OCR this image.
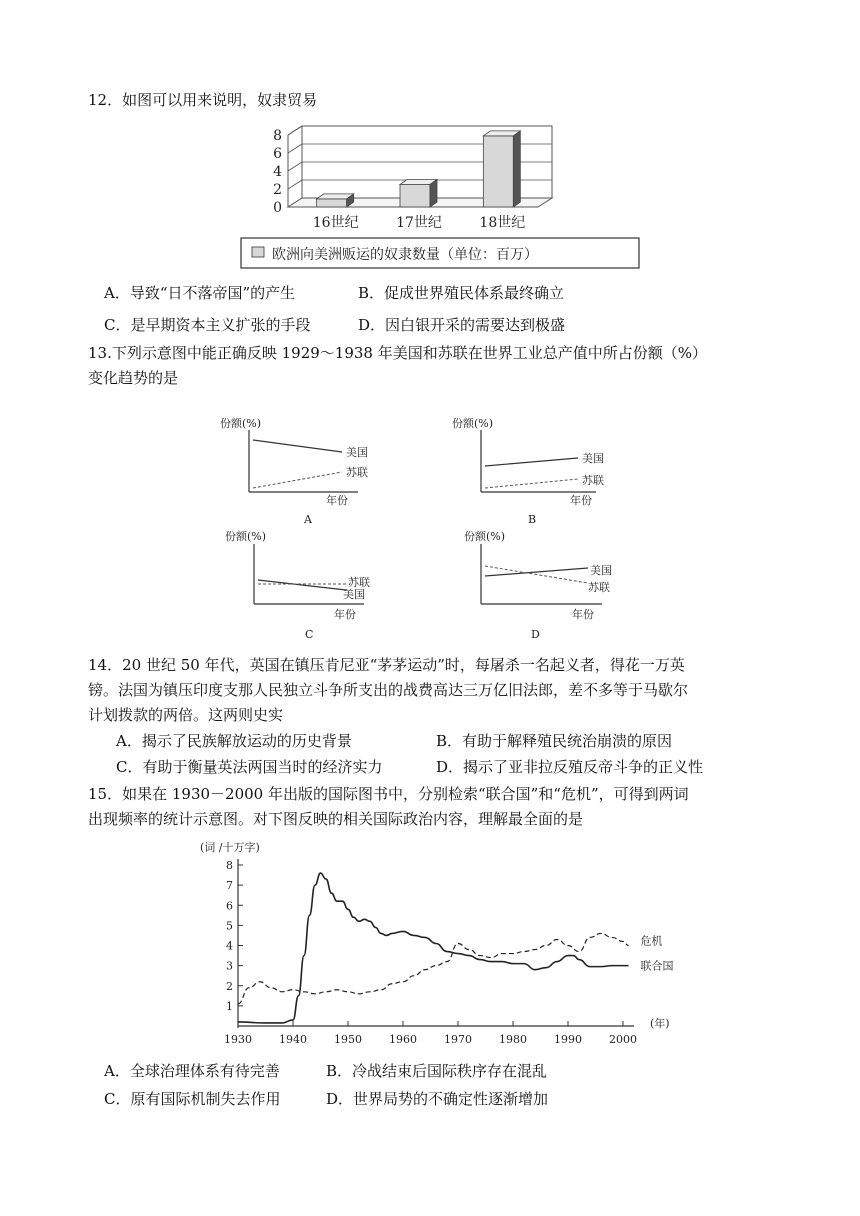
12．如图可以用来说明，奴隶贸易
0
2
4
6
8
16世纪	17世纪	18世纪
欧洲向美洲贩运的奴隶数量（单位：百万）
A．导致“日不落帝国”的产生	B．促成世界殖民体系最终确立
C．是早期资本主义扩张的手段	D．因白银开采的需要达到极盛
13.下列示意图中能正确反映 1929～1938 年美国和苏联在世界工业总产值中所占份额（%）
变化趋势的是
份额(%)
美国
苏联
年份
A
份额(%)
美国
苏联
年份
B
份额(%)
苏联
美国
年份
C
份额(%)
美国
苏联
年份
D
14．20 世纪 50 年代，英国在镇压肯尼亚“茅茅运动”时，每屠杀一名起义者，得花一万英
镑。法国为镇压印度支那人民独立斗争所支出的战费高达三万亿旧法郎，差不多等于马歇尔
计划拨款的两倍。这两则史实
A．揭示了民族解放运动的历史背景	B．有助于解释殖民统治崩溃的原因
C．有助于衡量英法两国当时的经济实力	D．揭示了亚非拉反殖反帝斗争的正义性
15．如果在 1930－2000 年出版的国际图书中，分别检索“联合国”和“危机”，可得到两词
出现频率的统计示意图。对下图反映的相关国际政治内容，理解最全面的是
1
2
3
4
5
6
7
8
1930 1940 1950 1960 1970 1980 1990 2000
(词 /十万字)
(年)
联合国
危机
A．全球治理体系有待完善	B．冷战结束后国际秩序存在混乱
C．原有国际机制失去作用	D．世界局势的不确定性逐渐增加
